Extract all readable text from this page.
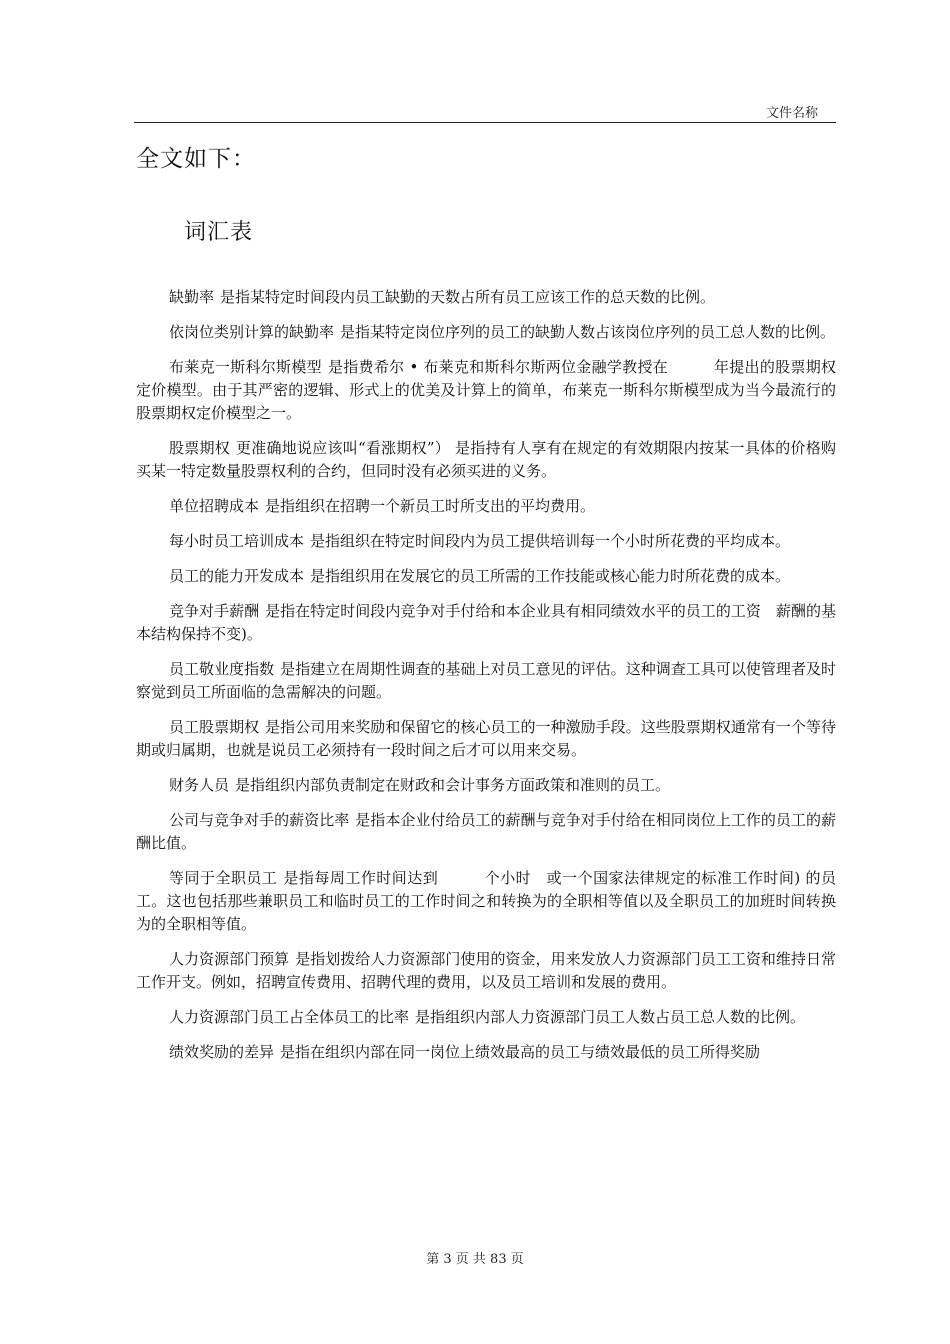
文件名称
全文如下：
词汇表

缺勤率 是指某特定时间段内员工缺勤的天数占所有员工应该工作的总天数的比例。

依岗位类别计算的缺勤率 是指某特定岗位序列的员工的缺勤人数占该岗位序列的员工总人数的比例。

布莱克一斯科尔斯模型 是指费希尔 • 布莱克和斯科尔斯两位金融学教授在　　　年提出的股票期权定价模型。由于其严密的逻辑、形式上的优美及计算上的简单，布莱克一斯科尔斯模型成为当今最流行的股票期权定价模型之一。

股票期权 更准确地说应该叫“看涨期权”） 是指持有人享有在规定的有效期限内按某一具体的价格购买某一特定数量股票权利的合约，但同时没有必须买进的义务。

单位招聘成本 是指组织在招聘一个新员工时所支出的平均费用。

每小时员工培训成本 是指组织在特定时间段内为员工提供培训每一个小时所花费的平均成本。

员工的能力开发成本 是指组织用在发展它的员工所需的工作技能或核心能力时所花费的成本。

竞争对手薪酬 是指在特定时间段内竞争对手付给和本企业具有相同绩效水平的员工的工资　薪酬的基本结构保持不变)。

员工敬业度指数 是指建立在周期性调查的基础上对员工意见的评估。这种调查工具可以使管理者及时察觉到员工所面临的急需解决的问题。

员工股票期权 是指公司用来奖励和保留它的核心员工的一种激励手段。这些股票期权通常有一个等待期或归属期，也就是说员工必须持有一段时间之后才可以用来交易。

财务人员 是指组织内部负责制定在财政和会计事务方面政策和准则的员工。

公司与竞争对手的薪资比率 是指本企业付给员工的薪酬与竞争对手付给在相同岗位上工作的员工的薪酬比值。

等同于全职员工 是指每周工作时间达到　　　个小时　或一个国家法律规定的标准工作时间) 的员工。这也包括那些兼职员工和临时员工的工作时间之和转换为的全职相等值以及全职员工的加班时间转换为的全职相等值。

人力资源部门预算 是指划拨给人力资源部门使用的资金，用来发放人力资源部门员工工资和维持日常工作开支。例如，招聘宣传费用、招聘代理的费用，以及员工培训和发展的费用。

人力资源部门员工占全体员工的比率 是指组织内部人力资源部门员工人数占员工总人数的比例。

绩效奖励的差异 是指在组织内部在同一岗位上绩效最高的员工与绩效最低的员工所得奖励

第 3 页 共 83 页
